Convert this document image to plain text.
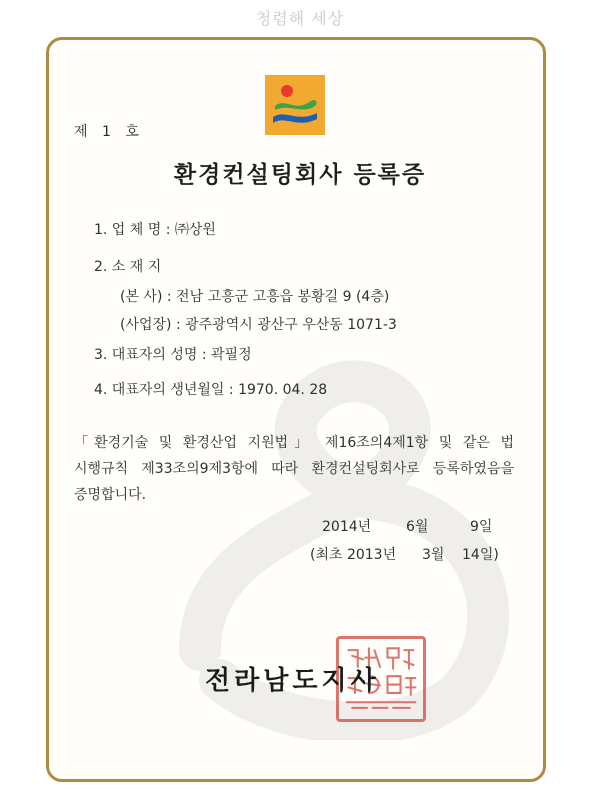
청렴해 세상
제 1 호
환경컨설팅회사 등록증
1. 업 체 명 : ㈜상원
2. 소 재 지
(본 사) : 전남 고흥군 고흥읍 봉황길 9 (4층)
(사업장) : 광주광역시 광산구 우산동 1071-3
3. 대표자의 성명 : 곽필정
4. 대표자의 생년월일 : 1970. 04. 28

「환경기술 및 환경산업 지원법」 제16조의4제1항 및 같은 법

시행규칙 제33조의9제3항에 따라 환경컨설팅회사로 등록하였음을

증명합니다.

2014년 6월	9일
(최초 2013년 3월 14일)
전라남도지사
